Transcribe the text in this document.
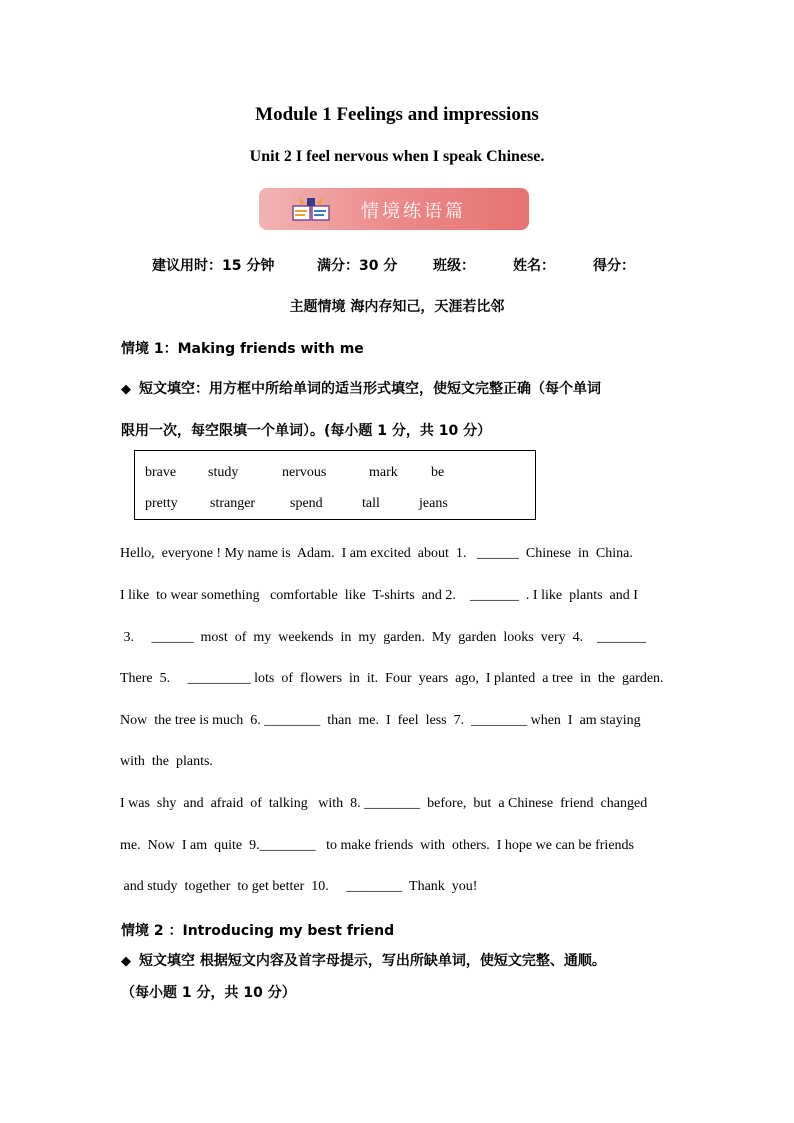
Module 1 Feelings and impressions
Unit 2 I feel nervous when I speak Chinese.
情境练语篇
建议用时：15 分钟	满分：30 分	班级：	姓名：	得分：
主题情境 海内存知己，天涯若比邻
情境 1：Making friends with me
◆ 短文填空：用方框中所给单词的适当形式填空，使短文完整正确（每个单词
限用一次，每空限填一个单词）。(每小题 1 分，共 10 分）
brave study	nervous	mark be
pretty stranger spend	tall	jeans
Hello,  everyone ! My name is  Adam.  I am excited  about  1.   ______  Chinese  in  China.
I like  to wear something   comfortable  like  T-shirts  and 2.    _______  . I like  plants  and I
3.     ______  most  of  my  weekends  in  my  garden.  My  garden  looks  very  4.    _______
There  5.     _________ lots  of  flowers  in  it.  Four  years  ago,  I planted  a tree  in  the  garden.
Now  the tree is much  6. ________  than  me.  I  feel  less  7.  ________ when  I  am staying
with  the  plants.
I was  shy  and  afraid  of  talking   with  8. ________  before,  but  a Chinese  friend  changed
me.  Now  I am  quite  9.________   to make friends  with  others.  I hope we can be friends
and study  together  to get better  10.     ________  Thank  you!
情境 2 ：Introducing my best friend
◆ 短文填空 根据短文内容及首字母提示，写出所缺单词，使短文完整、通顺。
（每小题 1 分，共 10 分）
